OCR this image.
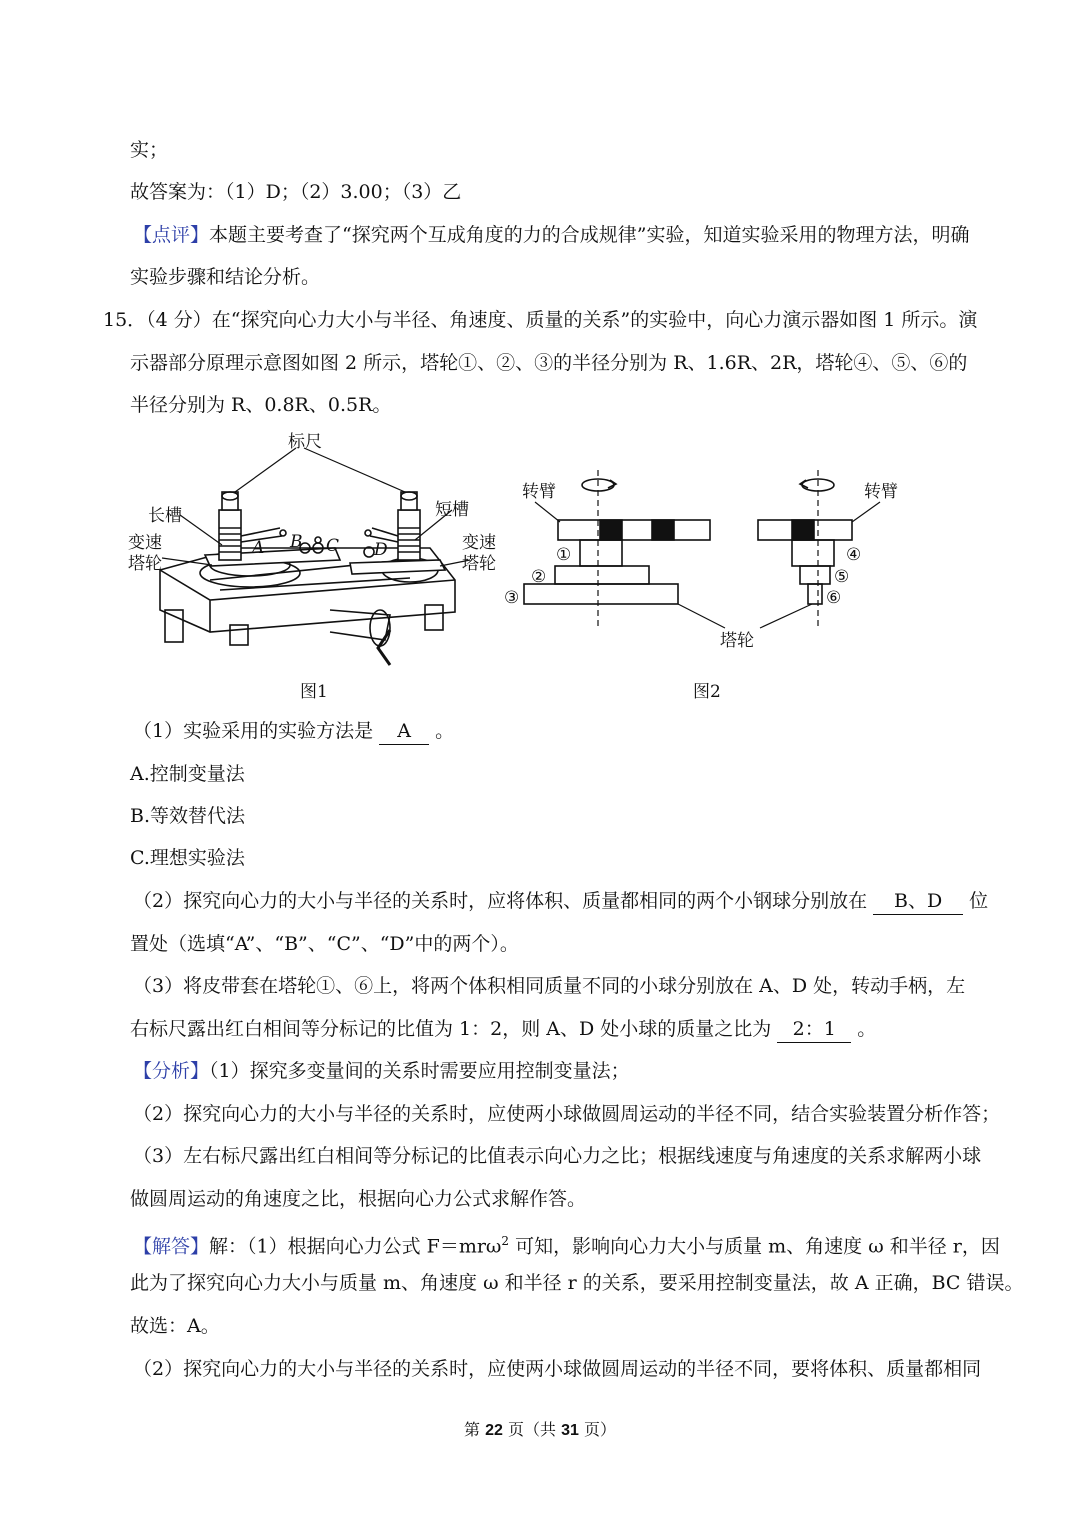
实；
故答案为：（1）D；（2）3.00；（3）乙
【点评】本题主要考查了“探究两个互成角度的力的合成规律”实验，知道实验采用的物理方法，明确
实验步骤和结论分析。
15．（4 分）在“探究向心力大小与半径、角速度、质量的关系”的实验中，向心力演示器如图 1 所示。演
示器部分原理示意图如图 2 所示，塔轮①、②、③的半径分别为 R、1.6R、2R，塔轮④、⑤、⑥的
半径分别为 R、0.8R、0.5R。
标尺
长槽	短槽
变速
塔轮
变速
塔轮
A B C D
图1
转臂	转臂
塔轮
①
②
③
④
⑤
⑥
图2
（1）实验采用的实验方法是 A 。
A.控制变量法
B.等效替代法
C.理想实验法
（2）探究向心力的大小与半径的关系时，应将体积、质量都相同的两个小钢球分别放在 B、D 位
置处（选填“A”、“B”、“C”、“D”中的两个）。
（3）将皮带套在塔轮①、⑥上，将两个体积相同质量不同的小球分别放在 A、D 处，转动手柄，左
右标尺露出红白相间等分标记的比值为 1：2，则 A、D 处小球的质量之比为 2：1 。
【分析】（1）探究多变量间的关系时需要应用控制变量法；
（2）探究向心力的大小与半径的关系时，应使两小球做圆周运动的半径不同，结合实验装置分析作答；
（3）左右标尺露出红白相间等分标记的比值表示向心力之比；根据线速度与角速度的关系求解两小球
做圆周运动的角速度之比，根据向心力公式求解作答。
【解答】解：（1）根据向心力公式 F＝mrω$^2$ 可知，影响向心力大小与质量 m、角速度 ω 和半径 r，因
此为了探究向心力大小与质量 m、角速度 ω 和半径 r 的关系，要采用控制变量法，故 A 正确，BC 错误。
故选：A。
（2）探究向心力的大小与半径的关系时，应使两小球做圆周运动的半径不同，要将体积、质量都相同
第 22 页（共 31 页）
